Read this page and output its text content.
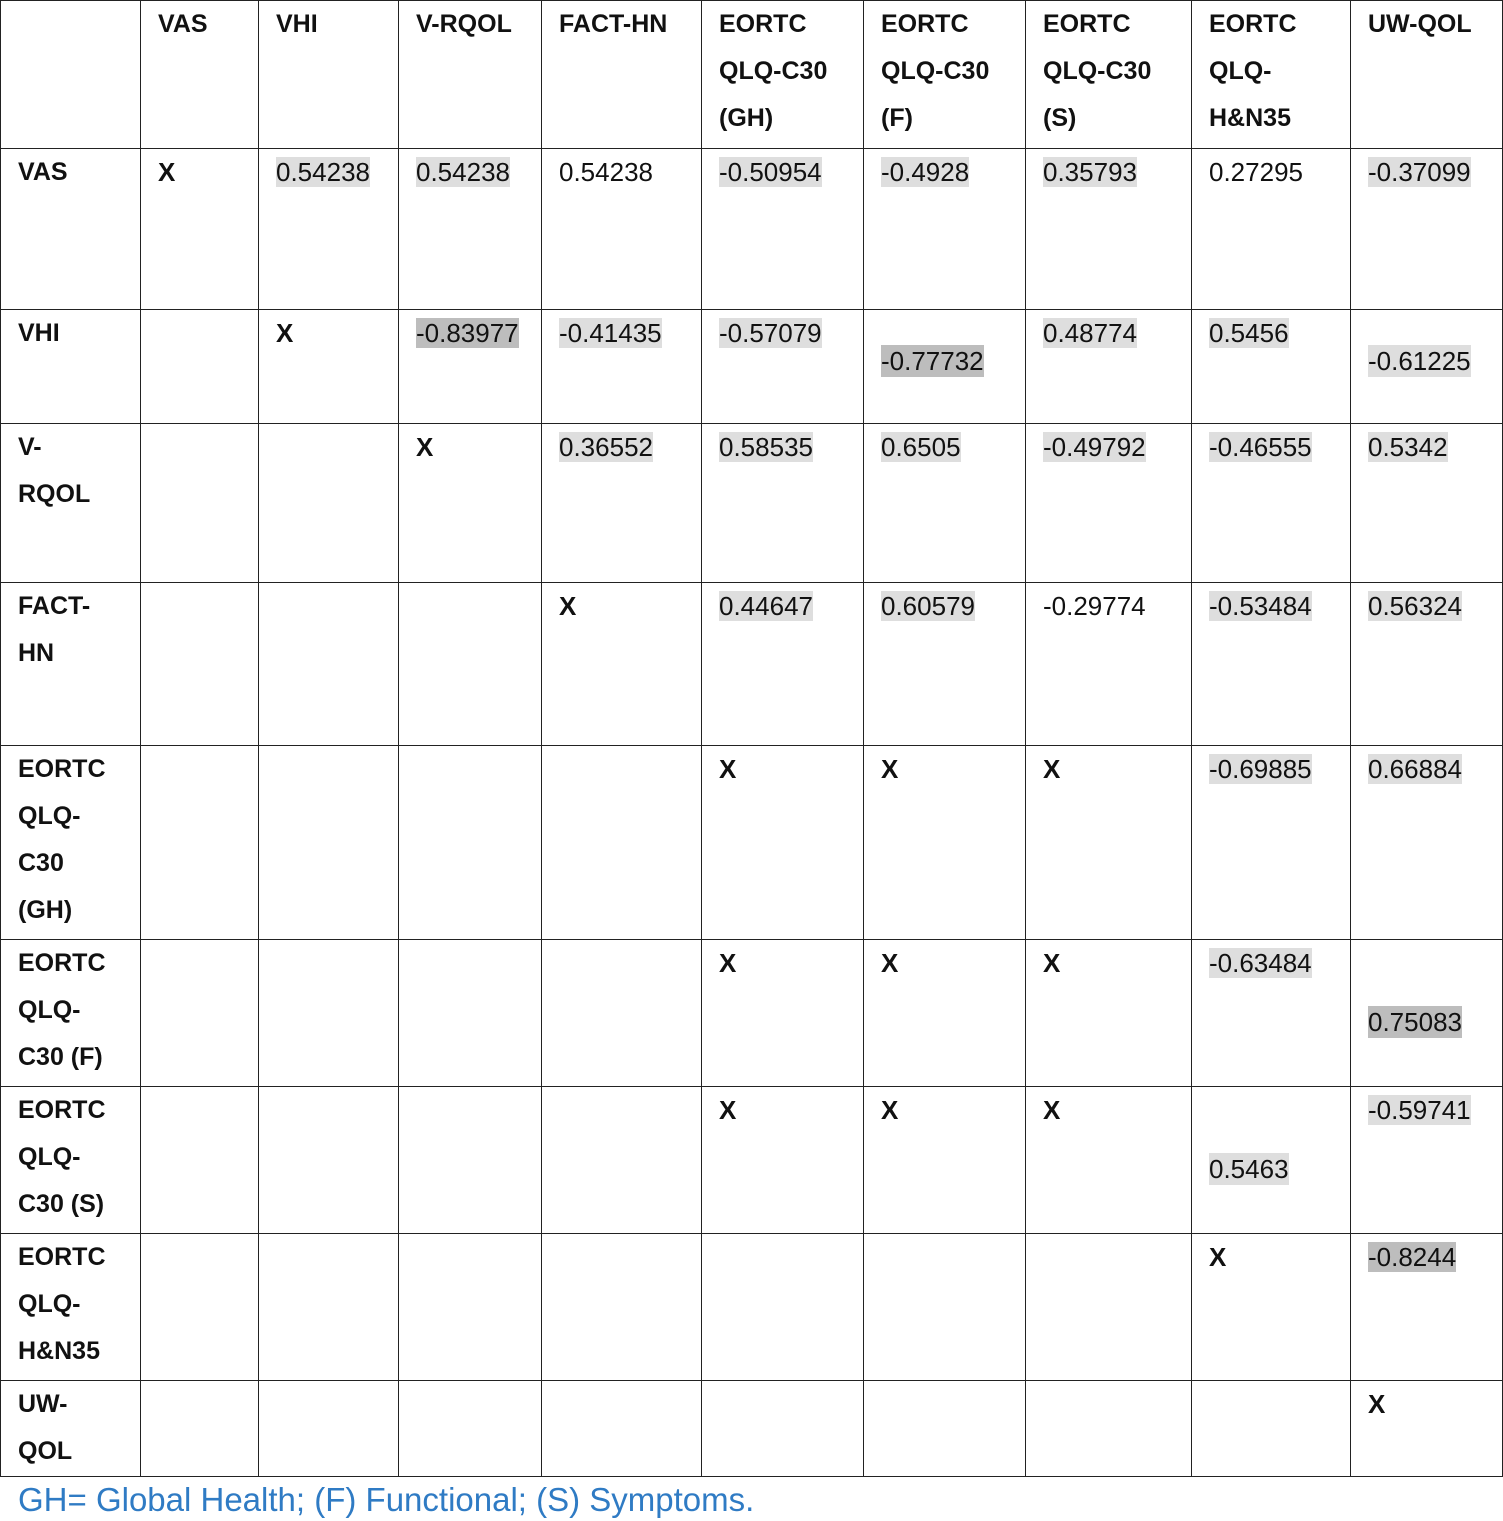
	VAS	VHI	V-RQOL	FACT-HN	EORTC
QLQ-C30
(GH)	EORTC
QLQ-C30
(F)	EORTC
QLQ-C30
(S)	EORTC
QLQ-
H&N35	UW-QOL
VAS	X	0.54238	0.54238	0.54238	-0.50954	-0.4928	0.35793	0.27295	-0.37099
VHI		X	-0.83977	-0.41435	-0.57079	-0.77732	0.48774	0.5456	-0.61225
V-
RQOL			X	0.36552	0.58535	0.6505	-0.49792	-0.46555	0.5342
FACT-
HN				X	0.44647	0.60579	-0.29774	-0.53484	0.56324
EORTC
QLQ-
C30
(GH)					X	X	X	-0.69885	0.66884
EORTC
QLQ-
C30 (F)					X	X	X	-0.63484	0.75083
EORTC
QLQ-
C30 (S)					X	X	X	0.5463	-0.59741
EORTC
QLQ-
H&N35								X	-0.8244
UW-
QOL									X
GH= Global Health; (F) Functional; (S) Symptoms.
